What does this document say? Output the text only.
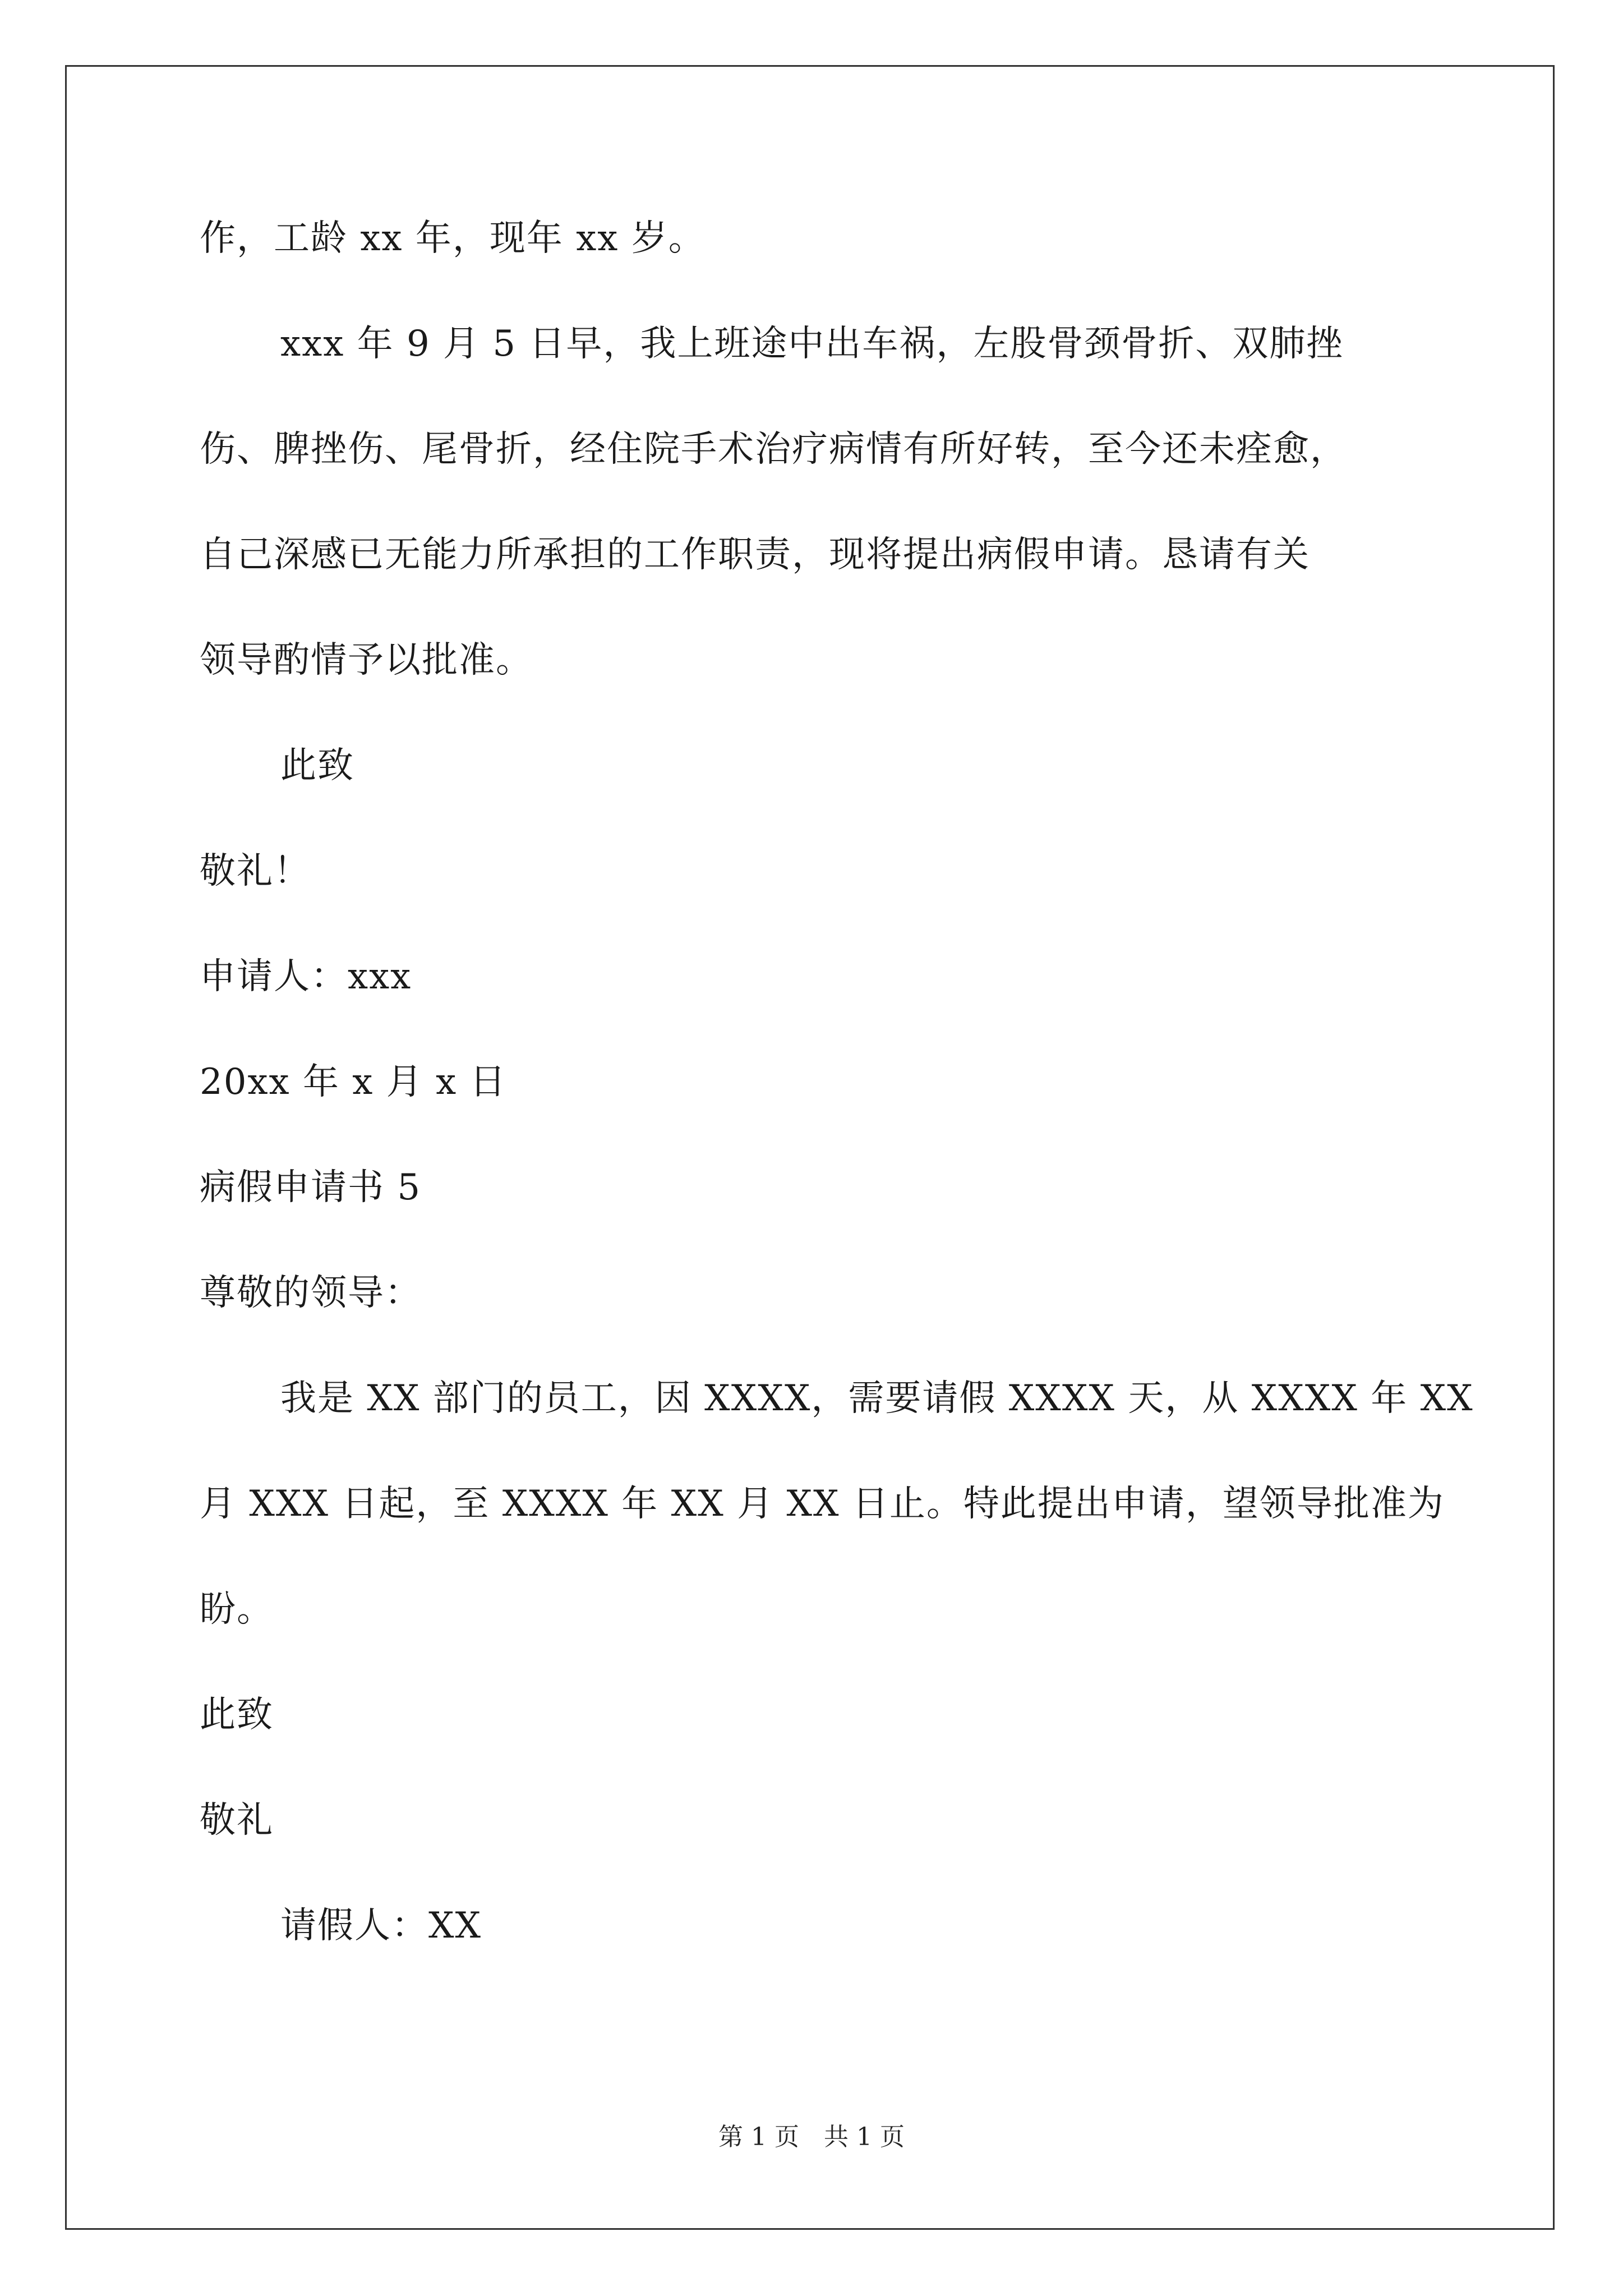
作，工龄 xx 年，现年 xx 岁。
xxx 年 9 月 5 日早，我上班途中出车祸，左股骨颈骨折、双肺挫
伤、脾挫伤、尾骨折，经住院手术治疗病情有所好转，至今还未痊愈，
自己深感已无能力所承担的工作职责，现将提出病假申请。恳请有关
领导酌情予以批准。
此致
敬礼！
申请人：xxx
20xx 年 x 月 x 日
病假申请书 5
尊敬的领导：
我是 XX 部门的员工，因 XXXX，需要请假 XXXX 天，从 XXXX 年 XX
月 XXX 日起，至 XXXX 年 XX 月 XX 日止。特此提出申请，望领导批准为
盼。
此致
敬礼
请假人：XX
第 1 页　共 1 页
